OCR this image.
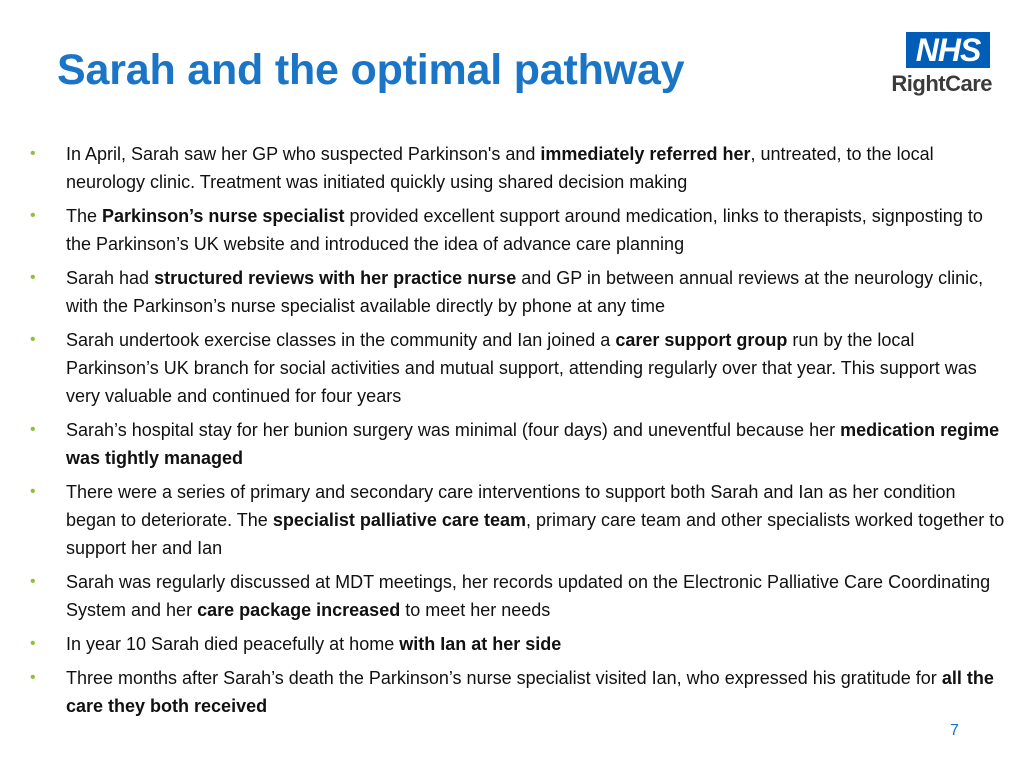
Sarah and the optimal pathway	NHS
RightCare
•	In April, Sarah saw her GP who suspected Parkinson's and immediately referred her, untreated, to the local neurology clinic. Treatment was initiated quickly using shared decision making
•	The Parkinson’s nurse specialist provided excellent support around medication, links to therapists, signposting to the Parkinson’s UK website and introduced the idea of advance care planning
•	Sarah had structured reviews with her practice nurse and GP in between annual reviews at the neurology clinic, with the Parkinson’s nurse specialist available directly by phone at any time
•	Sarah undertook exercise classes in the community and Ian joined a carer support group run by the local Parkinson’s UK branch for social activities and mutual support, attending regularly over that year. This support was very valuable and continued for four years
•	Sarah’s hospital stay for her bunion surgery was minimal (four days) and uneventful because her medication regime was tightly managed
•	There were a series of primary and secondary care interventions to support both Sarah and Ian as her condition began to deteriorate. The specialist palliative care team, primary care team and other specialists worked together to support her and Ian
•	Sarah was regularly discussed at MDT meetings, her records updated on the Electronic Palliative Care Coordinating System and her care package increased to meet her needs
•	In year 10 Sarah died peacefully at home with Ian at her side
•	Three months after Sarah’s death the Parkinson’s nurse specialist visited Ian, who expressed his gratitude for all the care they both received
7
